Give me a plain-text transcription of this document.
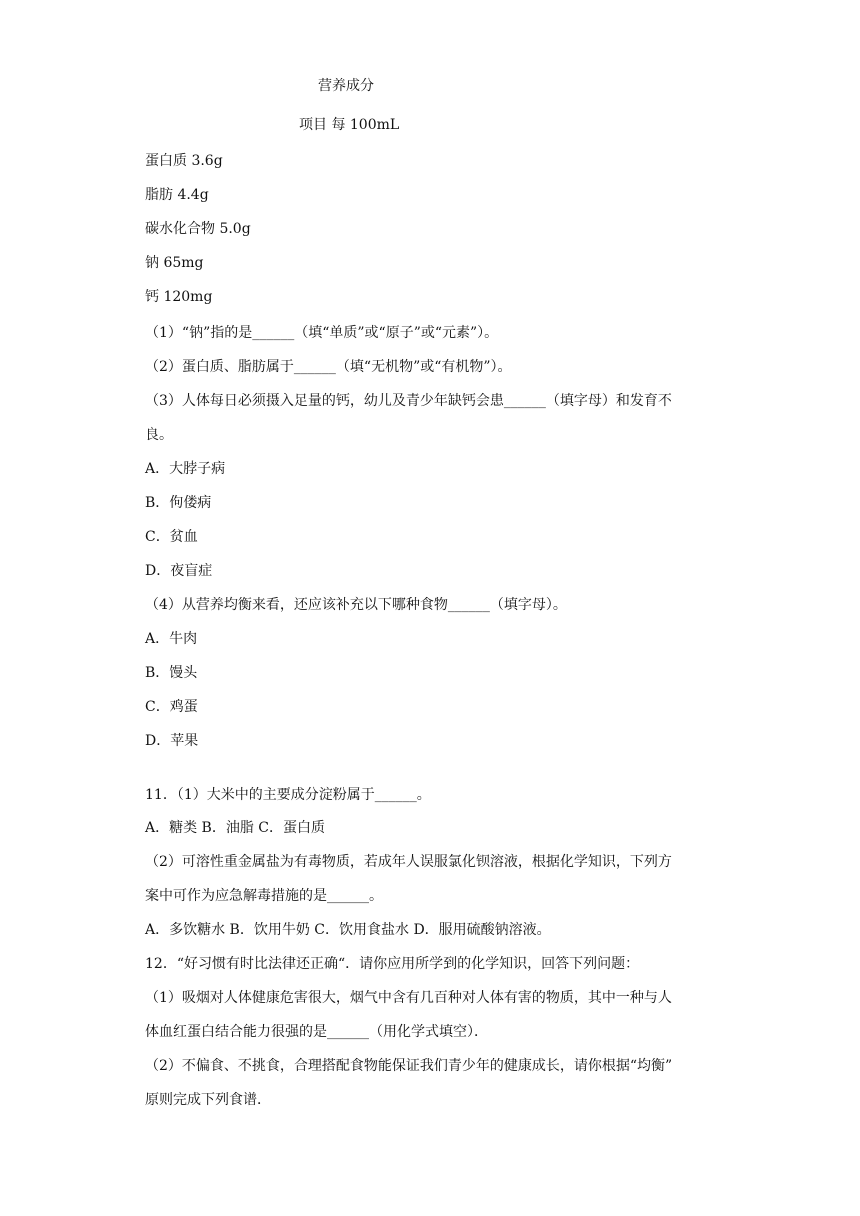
营养成分
项目 每 100mL
蛋白质 3.6g
脂肪 4.4g
碳水化合物 5.0g
钠 65mg
钙 120mg
（1）“钠”指的是______（填“单质”或“原子”或“元素”）。
（2）蛋白质、脂肪属于______（填“无机物”或“有机物”）。
（3）人体每日必须摄入足量的钙，幼儿及青少年缺钙会患______（填字母）和发育不
良。
A．大脖子病
B．佝偻病
C．贫血
D．夜盲症
（4）从营养均衡来看，还应该补充以下哪种食物______（填字母）。
A．牛肉
B．馒头
C．鸡蛋
D．苹果
11．（1）大米中的主要成分淀粉属于______。
A．糖类 B．油脂 C．蛋白质
（2）可溶性重金属盐为有毒物质，若成年人误服氯化钡溶液，根据化学知识，下列方
案中可作为应急解毒措施的是______。
A．多饮糖水 B．饮用牛奶 C．饮用食盐水 D．服用硫酸钠溶液。
12．“好习惯有时比法律还正确“．请你应用所学到的化学知识，回答下列问题：
（1）吸烟对人体健康危害很大，烟气中含有几百种对人体有害的物质，其中一种与人
体血红蛋白结合能力很强的是______（用化学式填空）．
（2）不偏食、不挑食，合理搭配食物能保证我们青少年的健康成长，请你根据“均衡”
原则完成下列食谱．
